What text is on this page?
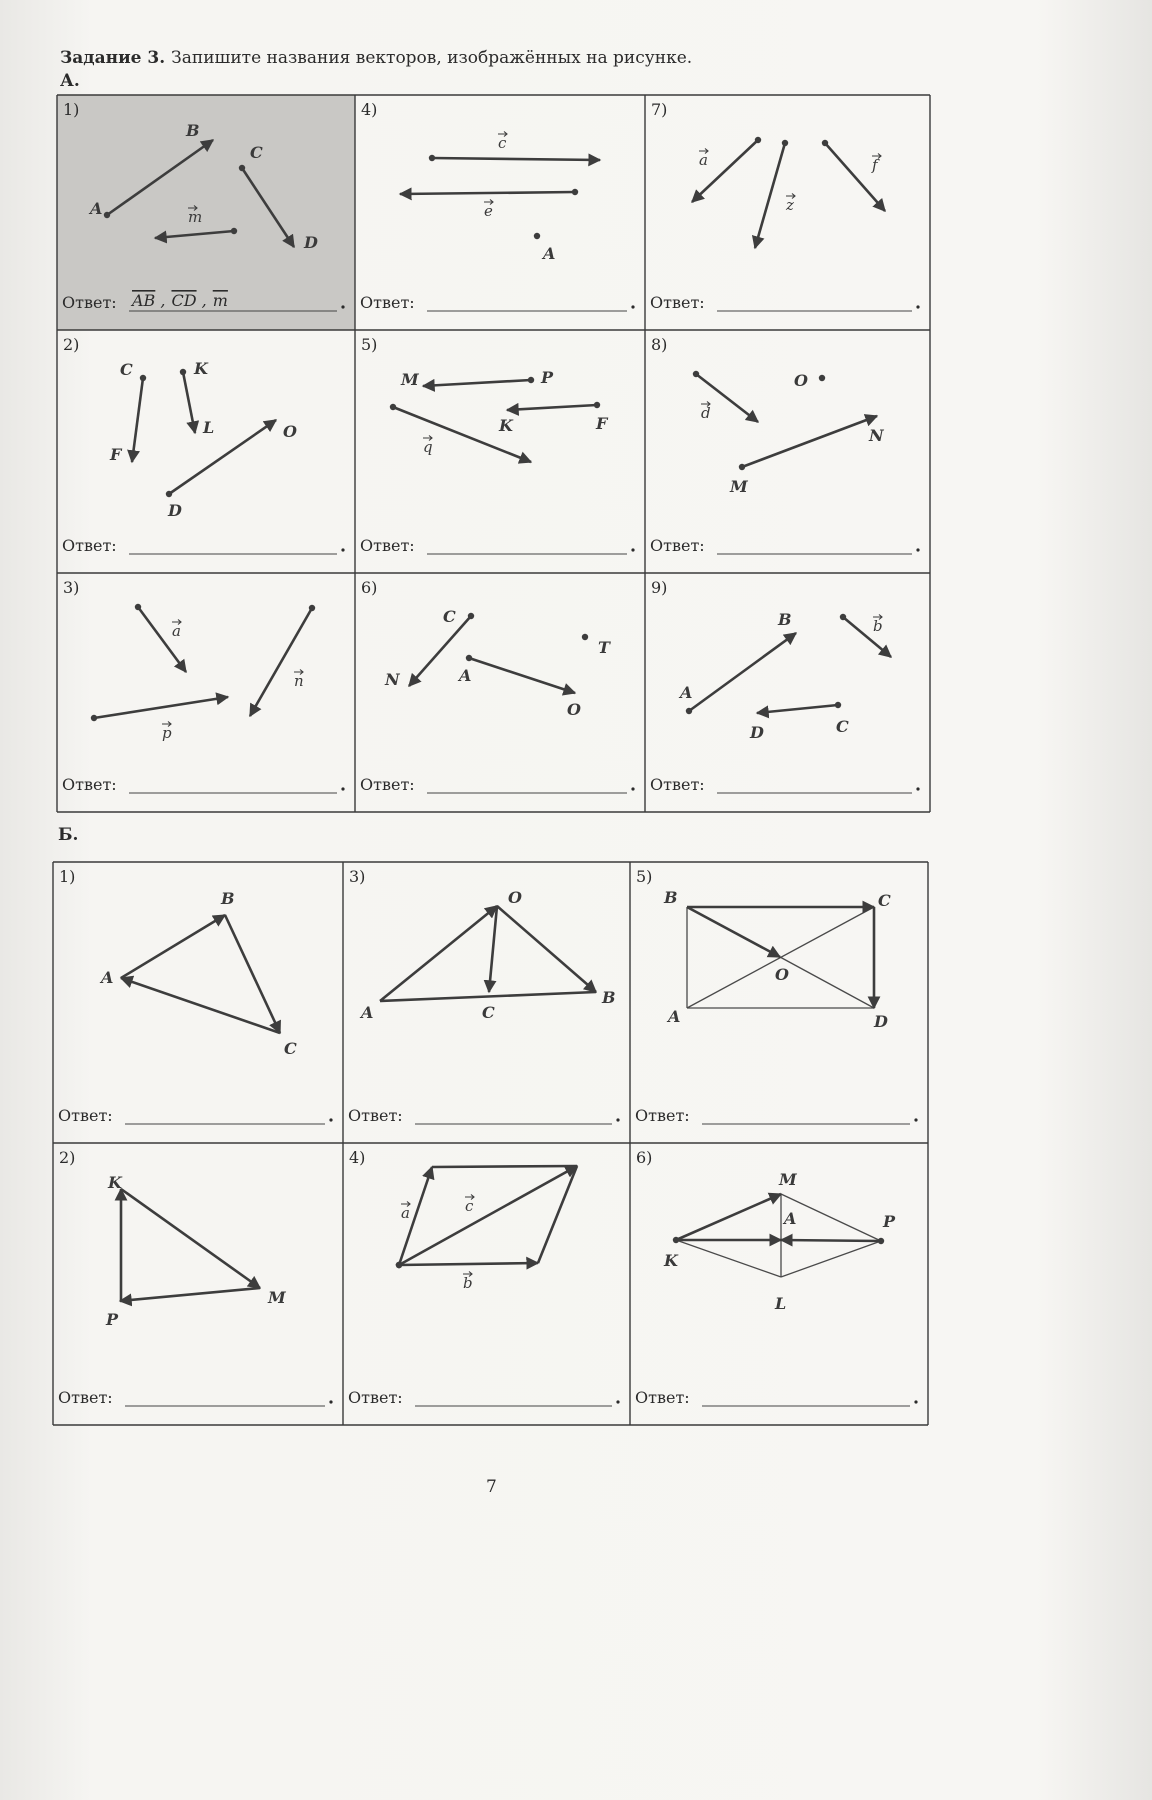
Задание 3. Запишите названия векторов, изображённых на рисунке.
А.
Б.
7
1)
A
B
C
D
m
Ответ: AB , CD , m
2)
C
F
K
L
D
O
Ответ:
3)
a
n
p
Ответ:
4)
c
e
A
Ответ:
5)
M	P
K	F
q
Ответ:
6)
C
N
T
A
O
Ответ:
7)
a
z
f
Ответ:
8)
d
O
M
N
Ответ:
9)
A
B	b
C
D
Ответ:
1)
A
B
C
Ответ:
2)
K
P
M
Ответ:
3)
O
A	C
B
Ответ:
4)
a	c
b
Ответ:
5)
B	C
O
A	D
Ответ:
6)
M
A	P
K
L
Ответ:
